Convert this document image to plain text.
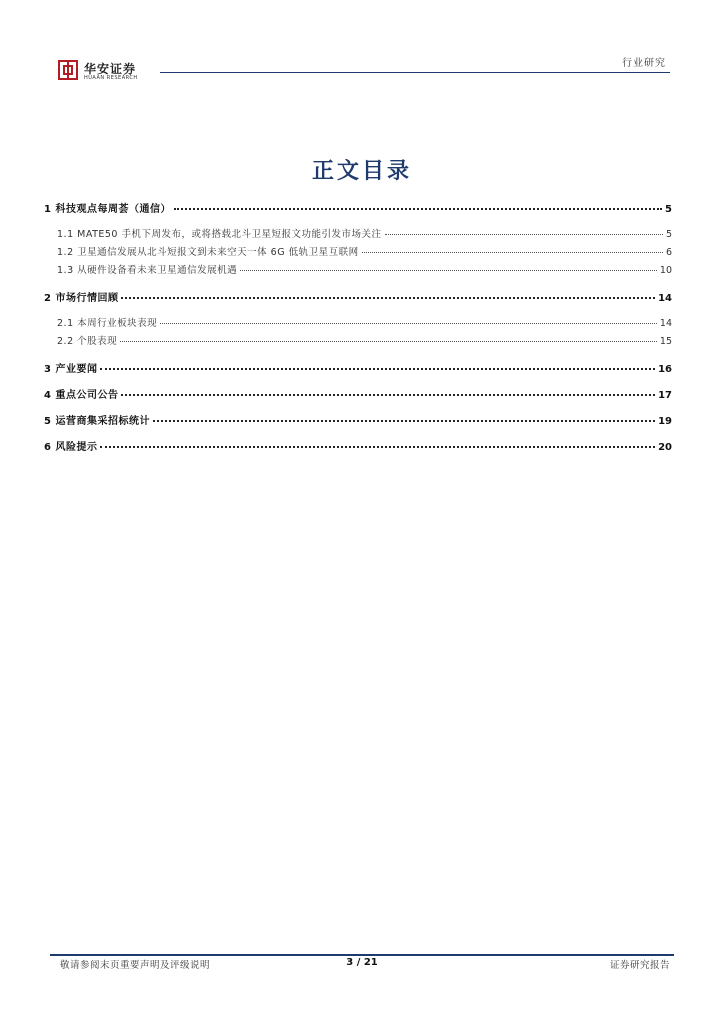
华安证券
HUAAN RESEARCH
行业研究
正文目录
1 科技观点每周荟（通信）	5
1.1 MATE50 手机下周发布，或将搭载北斗卫星短报文功能引发市场关注	5
1.2 卫星通信发展从北斗短报文到未来空天一体 6G 低轨卫星互联网	6
1.3 从硬件设备看未来卫星通信发展机遇	10
2 市场行情回顾	14
2.1 本周行业板块表现	14
2.2 个股表现	15
3 产业要闻	16
4 重点公司公告	17
5 运营商集采招标统计	19
6 风险提示	20
敬请参阅末页重要声明及评级说明	3 / 21	证券研究报告
